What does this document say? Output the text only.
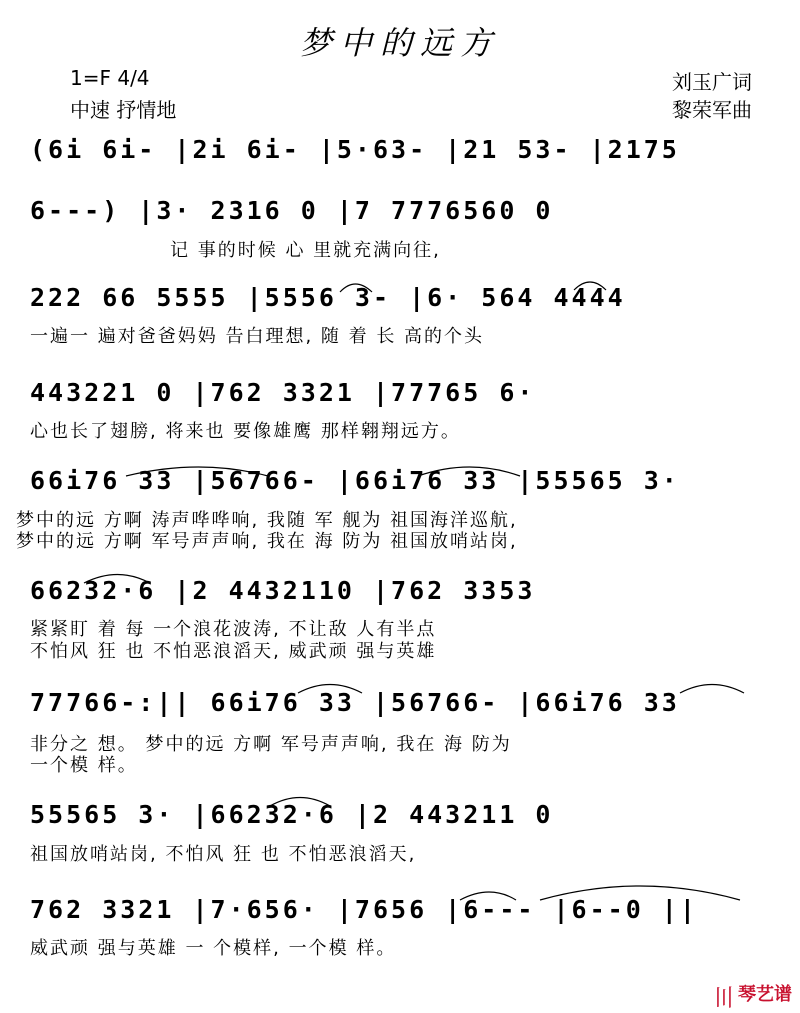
梦中的远方
1=F 4/4
中速 抒情地
刘玉广词
黎荣军曲
(6i 6i- |2i 6i- |5·63- |21 53- |2175
6---) |3· 2316 0 |7 7776560 0
记 事的时候 心 里就充满向往,
222 66 5555 |5556 3- |6· 564 4444
一遍一 遍对爸爸妈妈 告白理想, 随 着 长 高的个头
443221 0 |762 3321 |77765 6·
心也长了翅膀, 将来也 要像雄鹰 那样翱翔远方。
66i76 33 |56766- |66i76 33 |55565 3·
梦中的远 方啊 涛声哗哗响, 我随 军 舰为 祖国海洋巡航,
梦中的远 方啊 军号声声响, 我在 海 防为 祖国放哨站岗,
66232·6 |2 4432110 |762 3353
紧紧盯 着 每 一个浪花波涛, 不让敌 人有半点
不怕风 狂 也 不怕恶浪滔天, 威武顽 强与英雄
77766-:|| 66i76 33 |56766- |66i76 33
非分之 想。 梦中的远 方啊 军号声声响, 我在 海 防为
一个模 样。
55565 3· |66232·6 |2 443211 0
祖国放哨站岗, 不怕风 狂 也 不怕恶浪滔天,
762 3321 |7·656· |7656 |6--- |6--0 ||
威武顽 强与英雄 一 个模样, 一个模 样。
〣 琴艺谱
